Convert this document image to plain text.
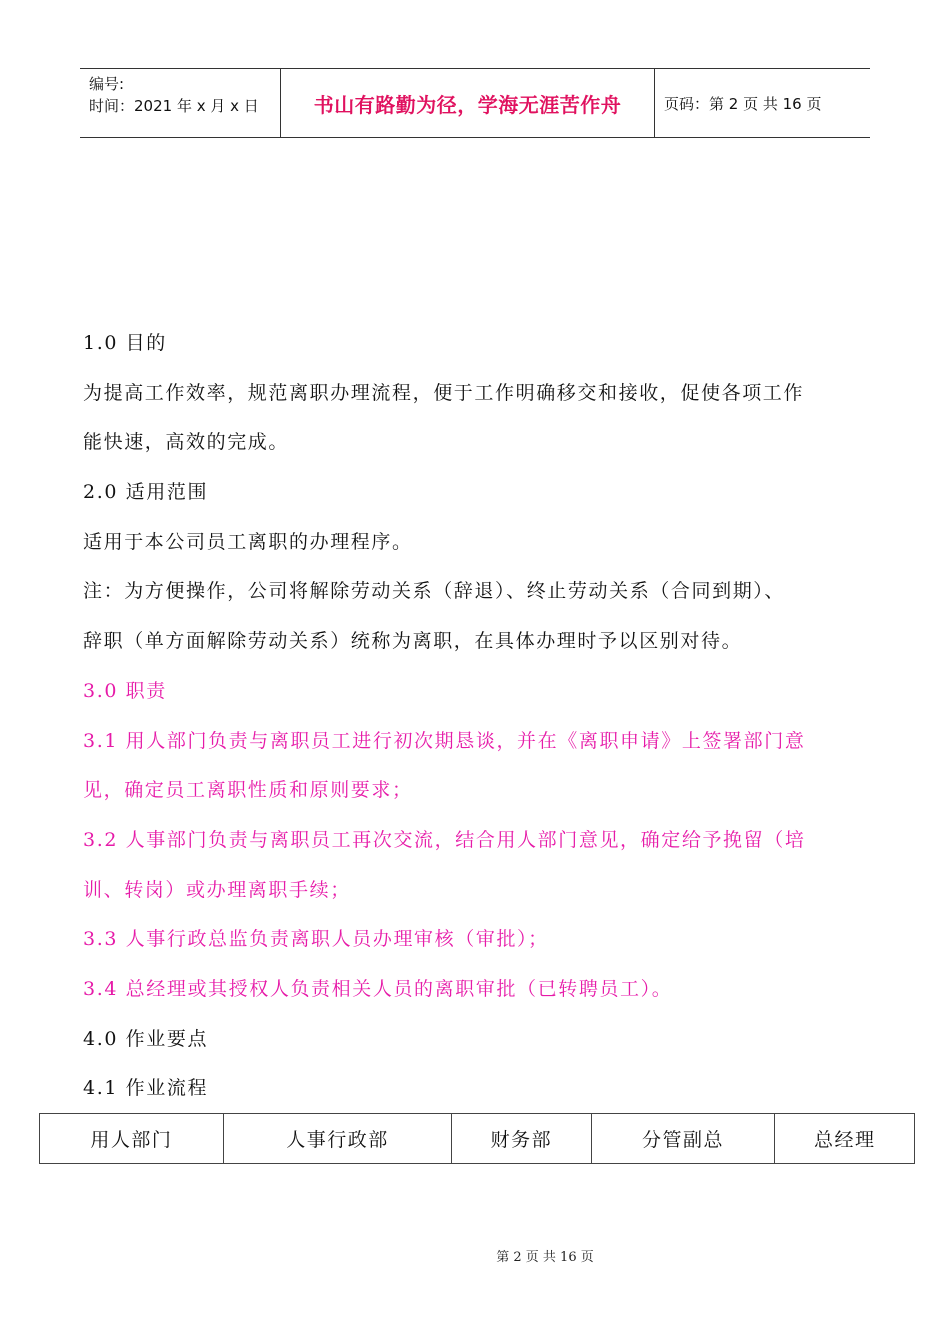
编号:
时间：2021 年 x 月 x 日	书山有路勤为径，学海无涯苦作舟	页码：第 2 页 共 16 页
1.0 目的
为提高工作效率，规范离职办理流程，便于工作明确移交和接收，促使各项工作
能快速，高效的完成。
2.0 适用范围
适用于本公司员工离职的办理程序。
注：为方便操作，公司将解除劳动关系（辞退）、终止劳动关系（合同到期）、
辞职（单方面解除劳动关系）统称为离职，在具体办理时予以区别对待。
3.0 职责
3.1 用人部门负责与离职员工进行初次期恳谈，并在《离职申请》上签署部门意
见，确定员工离职性质和原则要求；
3.2 人事部门负责与离职员工再次交流，结合用人部门意见，确定给予挽留（培
训、转岗）或办理离职手续；
3.3 人事行政总监负责离职人员办理审核（审批）；
3.4 总经理或其授权人负责相关人员的离职审批（已转聘员工）。
4.0 作业要点
4.1 作业流程
用人部门	人事行政部	财务部	分管副总	总经理
第 2 页 共 16 页
